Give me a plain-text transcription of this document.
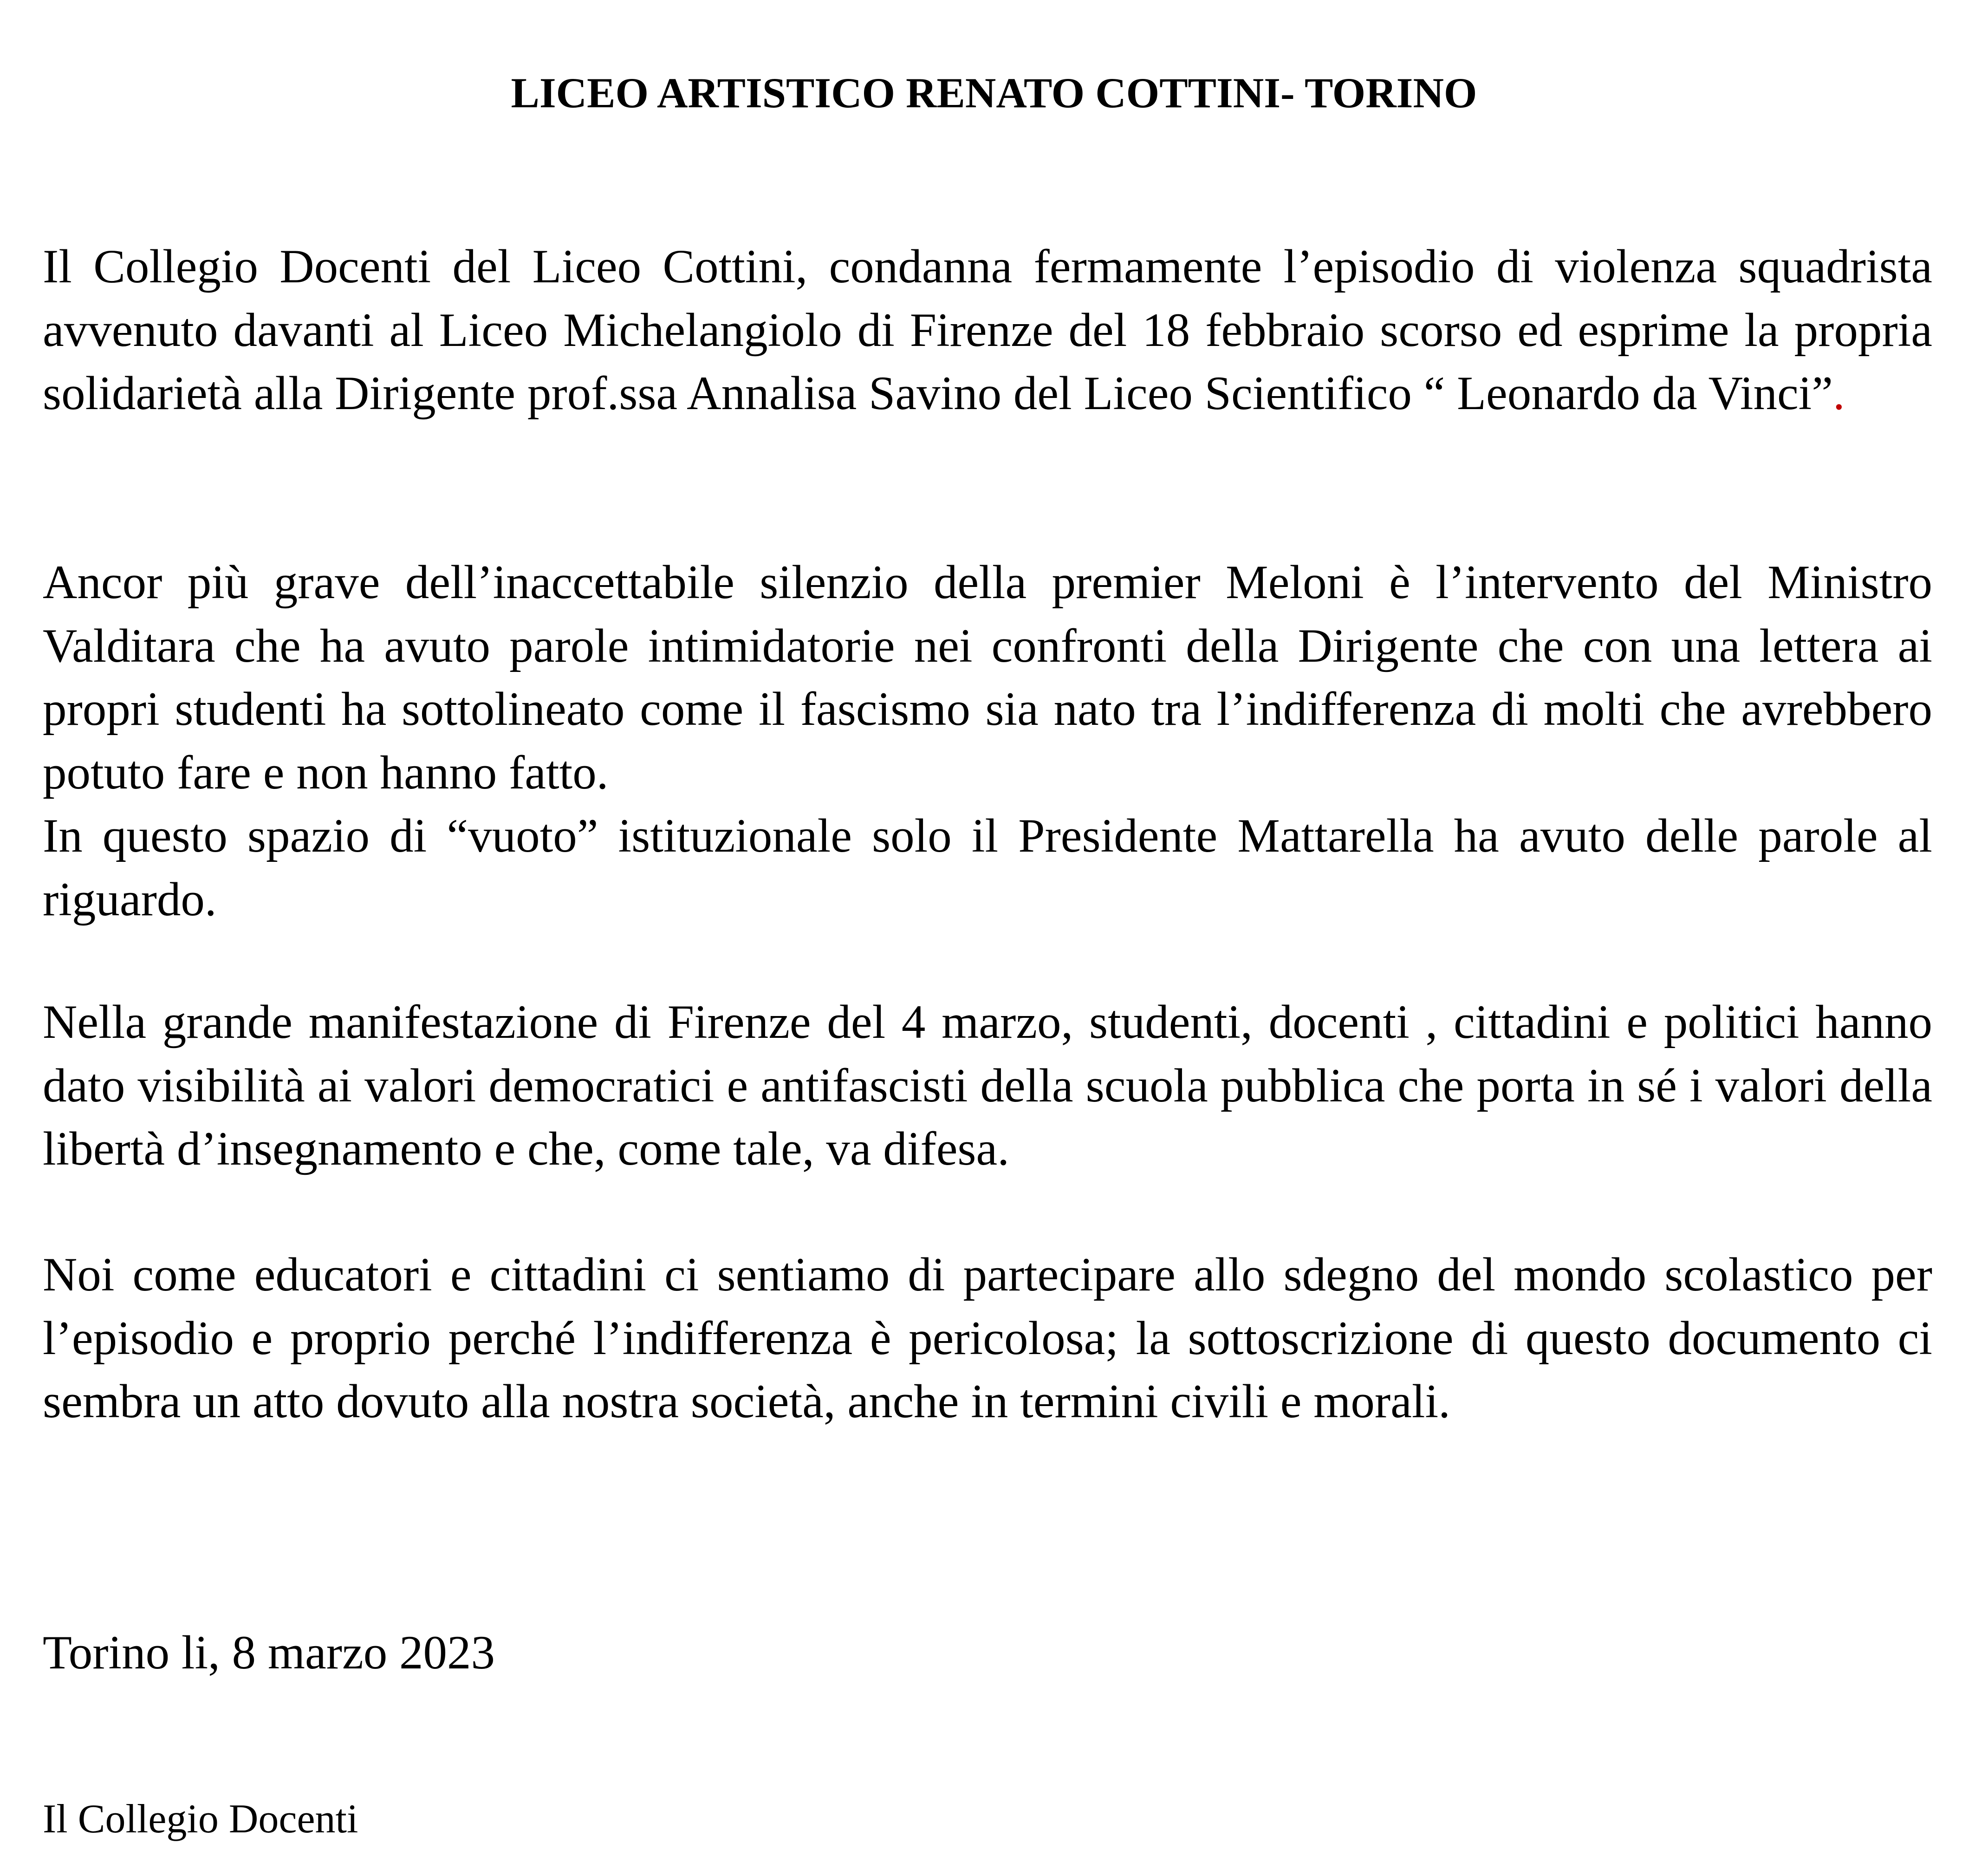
LICEO ARTISTICO RENATO COTTINI- TORINO

Il Collegio Docenti del Liceo Cottini, condanna fermamente l’episodio di violenza squadrista avvenuto davanti al Liceo Michelangiolo di Firenze del 18 febbraio scorso ed esprime la propria solidarietà alla Dirigente prof.ssa Annalisa Savino del Liceo Scientifico “ Leonardo da Vinci”.

Ancor più grave dell’inaccettabile silenzio della premier Meloni è l’intervento del Ministro Valditara che ha avuto parole intimidatorie nei confronti della Dirigente che con una lettera ai propri studenti ha sottolineato come il fascismo sia nato tra l’indifferenza di molti che avrebbero potuto fare e non hanno fatto.
In questo spazio di “vuoto” istituzionale solo il Presidente Mattarella ha avuto delle parole al riguardo.

Nella grande manifestazione di Firenze del 4 marzo, studenti, docenti , cittadini e politici hanno dato visibilità ai valori democratici e antifascisti della scuola pubblica che porta in sé i valori della libertà d’insegnamento e che, come tale, va difesa.

Noi come educatori e cittadini ci sentiamo di partecipare allo sdegno del mondo scolastico per l’episodio e proprio perché l’indifferenza è pericolosa; la sottoscrizione di questo documento ci sembra un atto dovuto alla nostra società, anche in termini civili e morali.

Torino li, 8 marzo 2023

Il Collegio Docenti
